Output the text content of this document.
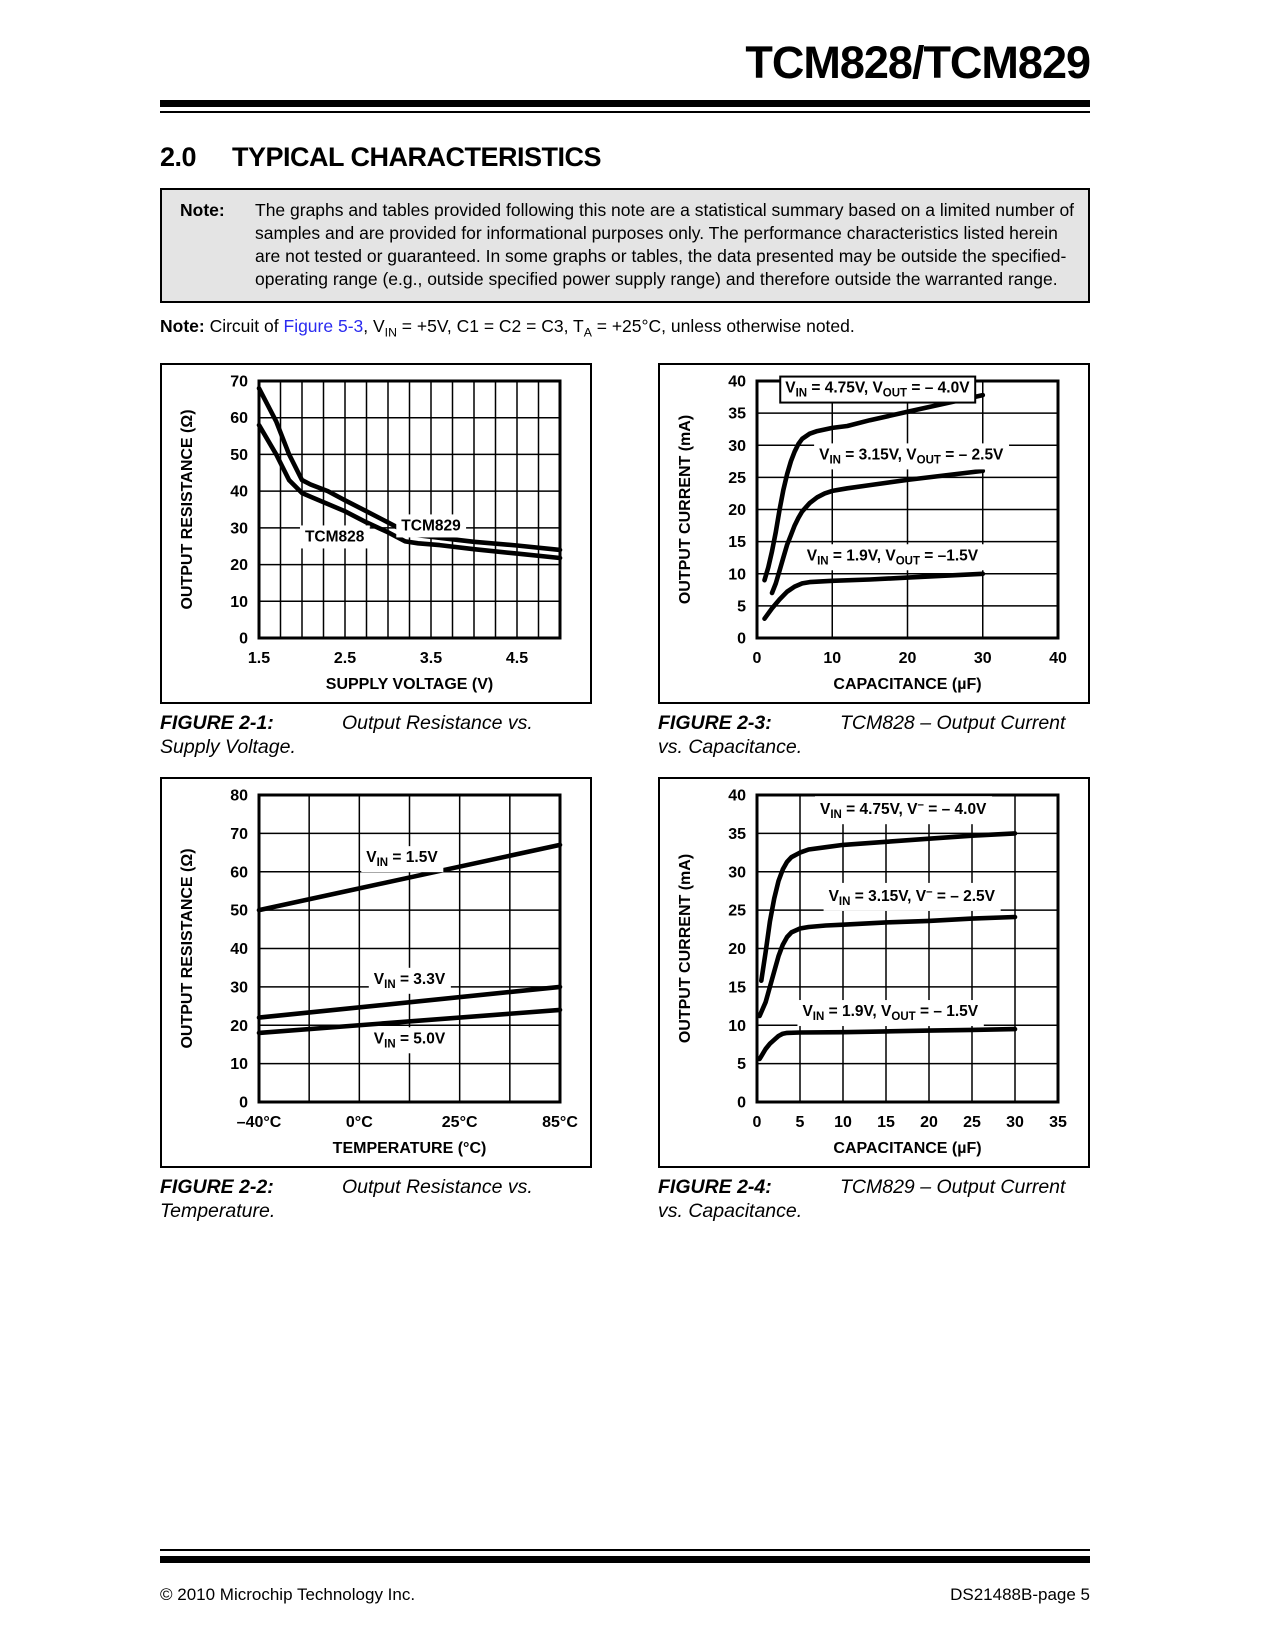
TCM828/TCM829
2.0	TYPICAL CHARACTERISTICS
Note:	The graphs and tables provided following this note are a statistical summary based on a limited number of samples and are provided for informational purposes only. The performance characteristics listed herein are not tested or guaranteed. In some graphs or tables, the data presented may be outside the specified- operating range (e.g., outside specified power supply range) and therefore outside the warranted range.

Note: Circuit of Figure 5-3, $V_{IN} = +5V$, C1 = C2 = C3, $T_A = +25^\circ C$, unless otherwise noted.

1.5	2.5	3.5	4.5
0
10
20
30
40
50
60
70
SUPPLY VOLTAGE (V)
OUTPUT RESISTANCE (Ω)	TCM828
TCM829
FIGURE 2-1:	Output Resistance vs. Supply Voltage.
0	10	20	30	40
0
5
10
15
20
25
30
35
40
CAPACITANCE (µF)
OUTPUT CURRENT (mA)
$V_{IN} = 4.75V$, $V_{OUT}$ = – 4.0V
$V_{IN} = 3.15V$, $V_{OUT}$ = – 2.5V
$V_{IN} = 1.9V$, $V_{OUT} = -1.5V$
FIGURE 2-3:	TCM828 – Output Current vs. Capacitance.
–40°C	0°C	25°C	85°C
0
10
20
30
40
50
60
70
80
TEMPERATURE (°C)
OUTPUT RESISTANCE (Ω)	$V_{IN} = 1.5V$
$V_{IN} = 3.3V$
$V_{IN} = 5.0V$
FIGURE 2-2:	Output Resistance vs. Temperature.
0 5 10 15 20 25 30 35
0
5
10
15
20
25
30
35
40
CAPACITANCE (µF)
OUTPUT CURRENT (mA)
$V_{IN} = 4.75V$, V– = – 4.0V
$V_{IN} = 3.15V$, V– = – 2.5V
$V_{IN} = 1.9V$, $V_{OUT}$ = – 1.5V
FIGURE 2-4:	TCM829 – Output Current vs. Capacitance.
© 2010 Microchip Technology Inc.	DS21488B-page 5
